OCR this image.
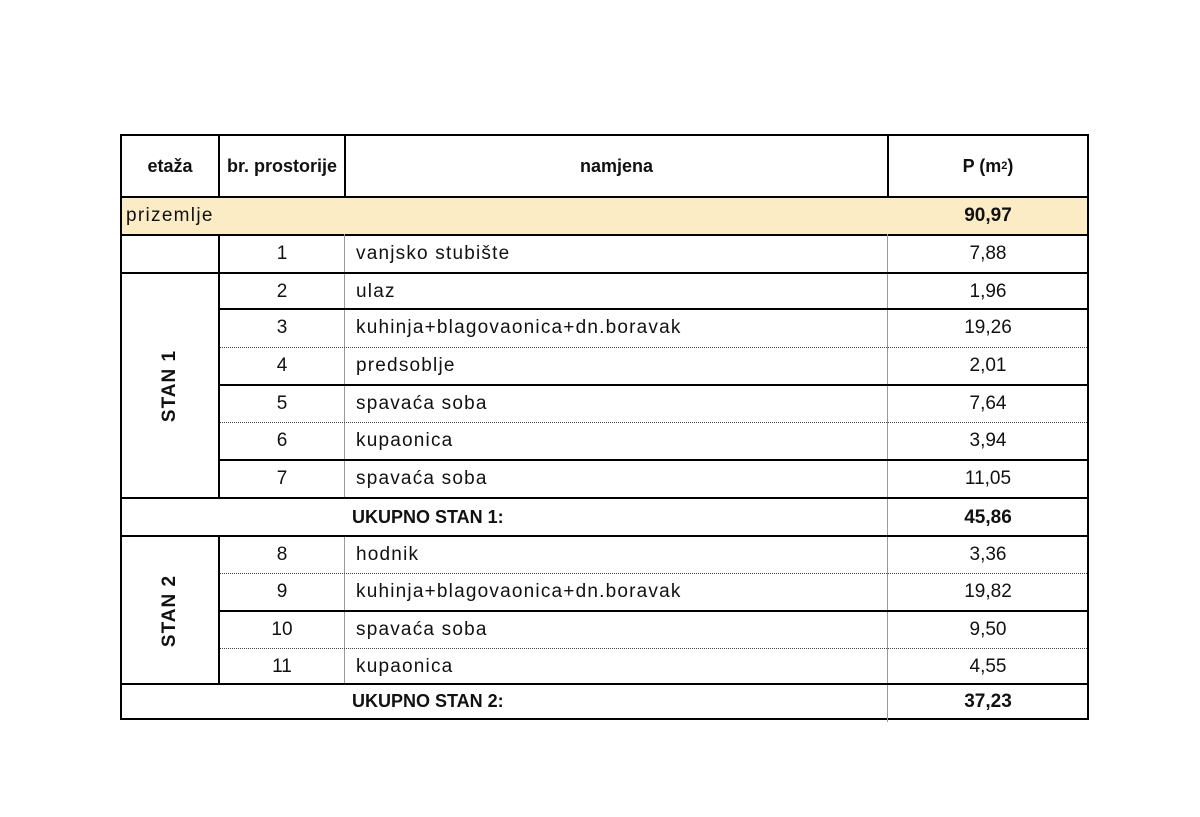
etaža	br. prostorije	namjena	P (m 2 )
prizemlje	90,97
1	vanjsko stubište	7,88
STAN 1
2	ulaz	1,96
3	kuhinja+blagovaonica+dn.boravak	19,26
4	predsoblje	2,01
5	spavaća soba	7,64
6	kupaonica	3,94
7	spavaća soba	11,05
UKUPNO STAN 1:	45,86
STAN 2
8	hodnik	3,36
9	kuhinja+blagovaonica+dn.boravak	19,82
10	spavaća soba	9,50
11	kupaonica	4,55
UKUPNO STAN 2:	37,23
